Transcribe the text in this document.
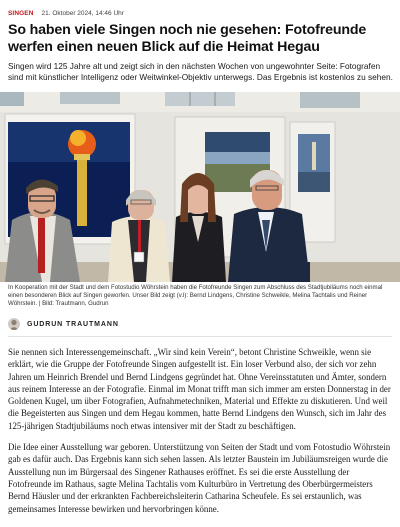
SINGEN 21. Oktober 2024, 14:46 Uhr
So haben viele Singen noch nie gesehen: Fotofreunde werfen einen neuen Blick auf die Heimat Hegau
Singen wird 125 Jahre alt und zeigt sich in den nächsten Wochen von ungewohnter Seite: Fotografen sind mit künstlicher Intelligenz oder Weitwinkel-Objektiv unterwegs. Das Ergebnis ist kostenlos zu sehen.
In Kooperation mit der Stadt und dem Fotostudio Wöhrstein haben die Fotofreunde Singen zum Abschluss des Stadtjubiläums noch einmal einen besonderen Blick auf Singen geworfen. Unser Bild zeigt (v.l): Bernd Lindgens, Christine Schweikle, Melina Tachtalis und Reiner Wöhrstein. | Bild: Trautmann, Gudrun
GUDRUN TRAUTMANN

Sie nennen sich Interessengemeinschaft. „Wir sind kein Verein“, betont Christine Schweikle, wenn sie erklärt, wie die Gruppe der Fotofreunde Singen aufgestellt ist. Ein loser Verbund also, der sich vor zehn Jahren um Heinrich Brendel und Bernd Lindgens gegründet hat. Ohne Vereinsstatuten und Ämter, sondern aus reinem Interesse an der Fotografie. Einmal im Monat trifft man sich immer am ersten Donnerstag in der Goldenen Kugel, um über Fotografien, Aufnahmetechniken, Material und Effekte zu diskutieren. Und weil die Begeisterten aus Singen und dem Hegau kommen, hatte Bernd Lindgens den Wunsch, sich im Jahr des 125-jährigen Stadtjubiläums noch etwas intensiver mit der Stadt zu beschäftigen.

Die Idee einer Ausstellung war geboren. Unterstützung von Seiten der Stadt und vom Fotostudio Wöhrstein gab es dafür auch. Das Ergebnis kann sich sehen lassen. Als letzter Baustein im Jubiläumsreigen wurde die Ausstellung nun im Bürgersaal des Singener Rathauses eröffnet. Es sei die erste Ausstellung der Fotofreunde im Rathaus, sagte Melina Tachtalis vom Kulturbüro in Vertretung des Oberbürgermeisters Bernd Häusler und der erkrankten Fachbereichsleiterin Catharina Scheufele. Es sei erstaunlich, was gemeinsames Interesse bewirken und hervorbringen könne.
